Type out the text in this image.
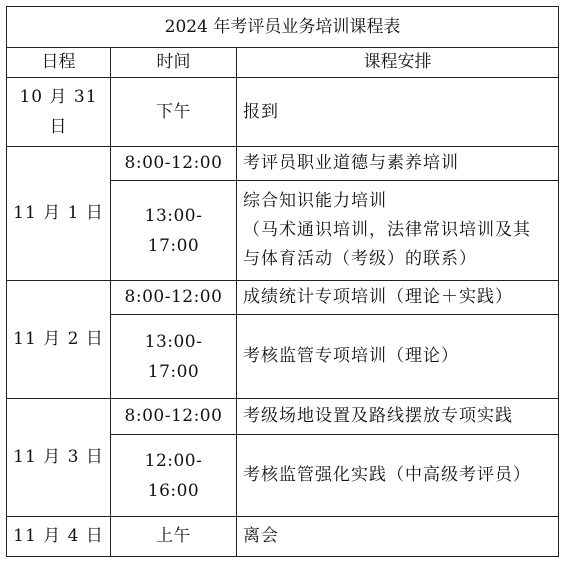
2024 年考评员业务培训课程表		
日程	时间	课程安排
10 月 31 日	下午	报到

11 月 1 日	8:00-12:00	考评员职业道德与素养培训

	13:00-17:00	综合知识能力培训
（马术通识培训，法律常识培训及其
与体育活动（考级）的联系）

11 月 2 日	8:00-12:00	成绩统计专项培训（理论＋实践）

	13:00-17:00	考核监管专项培训（理论）

11 月 3 日	8:00-12:00	考级场地设置及路线摆放专项实践

	12:00-16:00	考核监管强化实践（中高级考评员）

11 月 4 日	上午	离会
